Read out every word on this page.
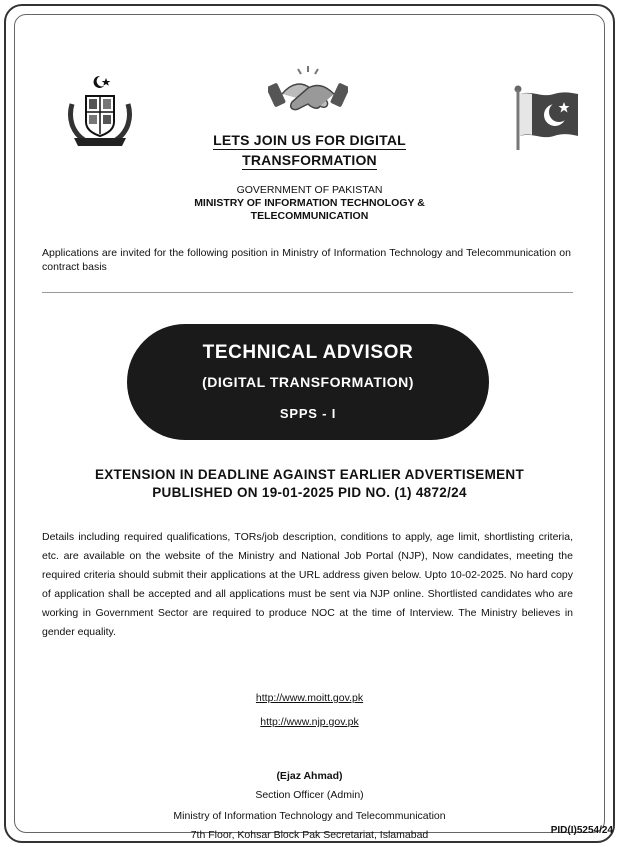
LETS JOIN US FOR DIGITAL
TRANSFORMATION
GOVERNMENT OF PAKISTAN
MINISTRY OF INFORMATION TECHNOLOGY &
TELECOMMUNICATION

Applications are invited for the following position in Ministry of Information Technology and Telecommunication on contract basis

TECHNICAL ADVISOR
(DIGITAL TRANSFORMATION)
SPPS - I
EXTENSION IN DEADLINE AGAINST EARLIER ADVERTISEMENT
PUBLISHED ON 19-01-2025 PID NO. (1) 4872/24

Details including required qualifications, TORs/job description, conditions to apply, age limit, shortlisting criteria, etc. are available on the website of the Ministry and National Job Portal (NJP), Now candidates, meeting the required criteria should submit their applications at the URL address given below. Upto 10-02-2025. No hard copy of application shall be accepted and all applications must be sent via NJP online. Shortlisted candidates who are working in Government Sector are required to produce NOC at the time of Interview. The Ministry believes in gender equality.

http://www.moitt.gov.pk
http://www.njp.gov.pk
(Ejaz Ahmad)
Section Officer (Admin)
Ministry of Information Technology and Telecommunication
7th Floor, Kohsar Block Pak Secretariat, Islamabad	PID(I)5254/24
